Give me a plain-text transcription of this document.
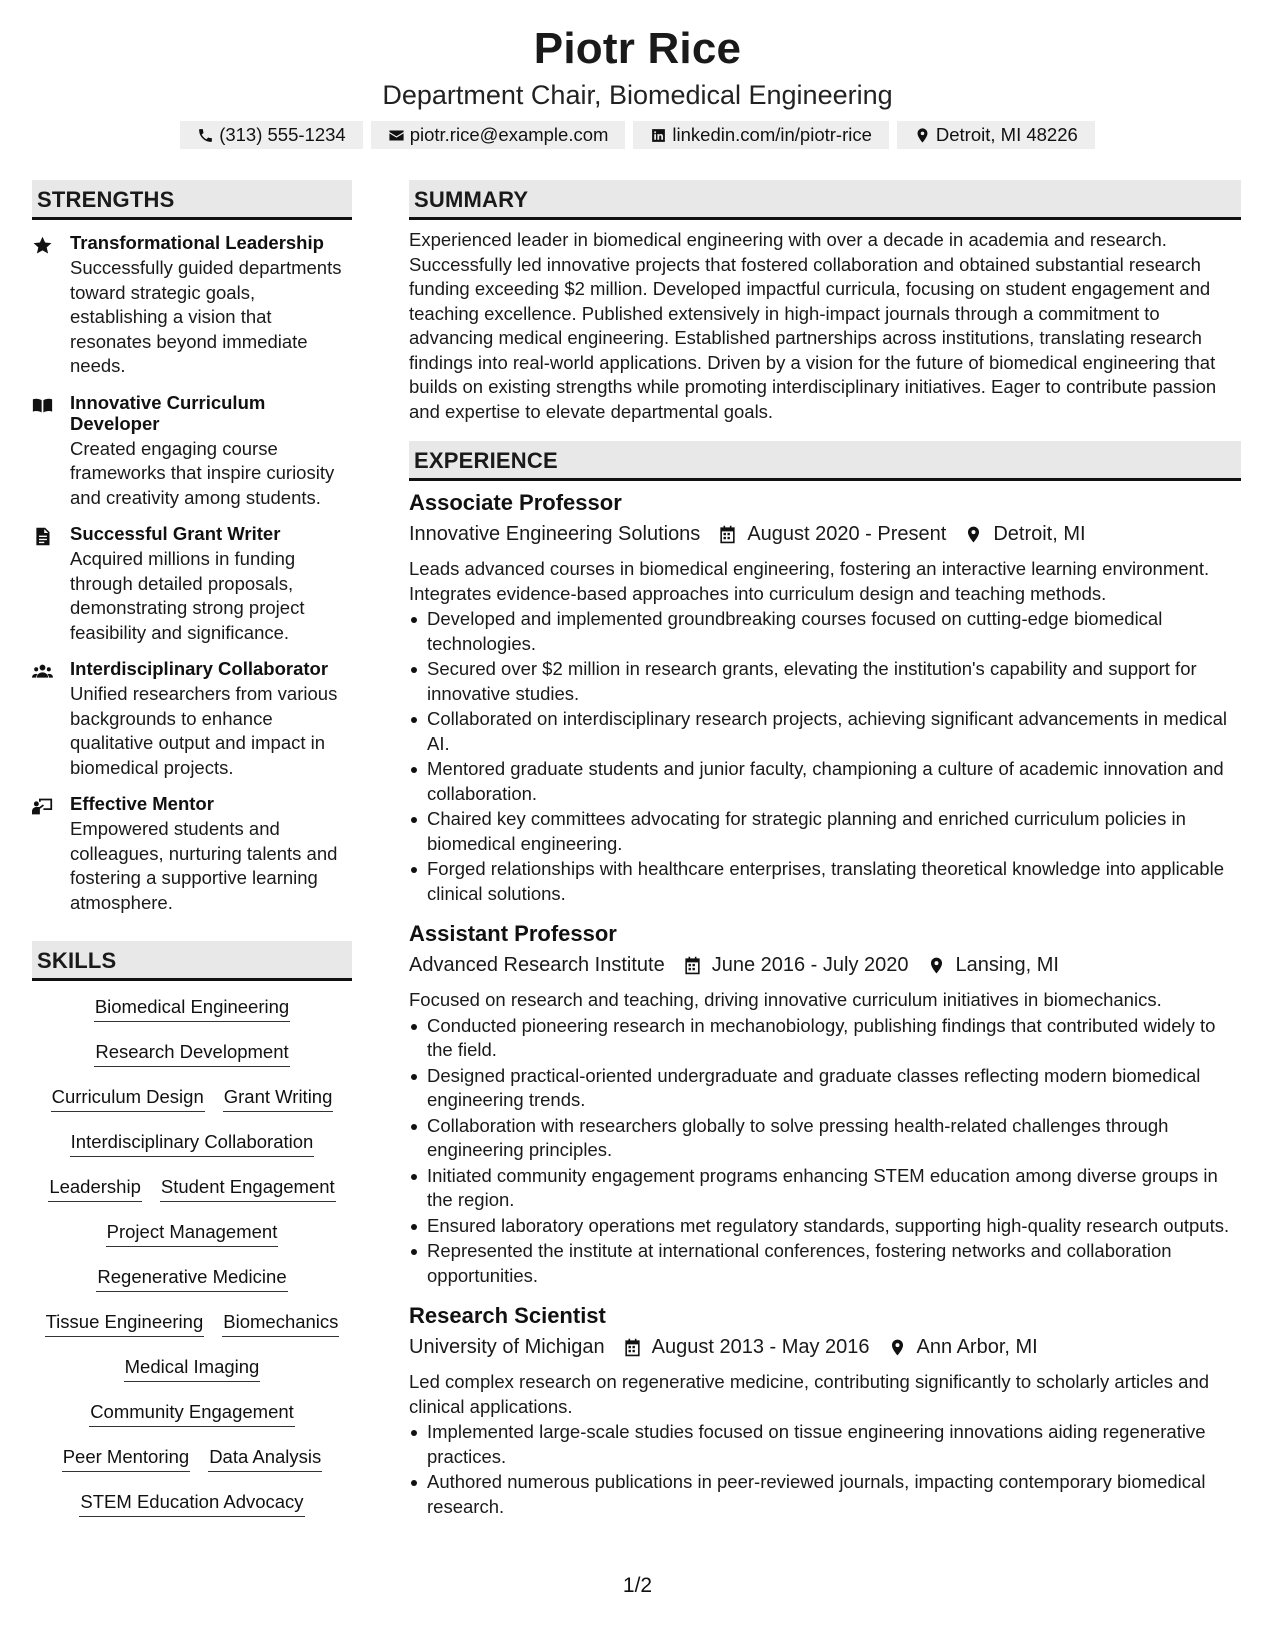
Piotr Rice
Department Chair, Biomedical Engineering
(313) 555-1234	piotr.rice@example.com	linkedin.com/in/piotr-rice	Detroit, MI 48226
STRENGTHS
Transformational Leadership
Successfully guided departments toward strategic goals, establishing a vision that resonates beyond immediate needs.
Innovative Curriculum Developer
Created engaging course frameworks that inspire curiosity and creativity among students.
Successful Grant Writer
Acquired millions in funding through detailed proposals, demonstrating strong project feasibility and significance.
Interdisciplinary Collaborator
Unified researchers from various backgrounds to enhance qualitative output and impact in biomedical projects.
Effective Mentor
Empowered students and colleagues, nurturing talents and fostering a supportive learning atmosphere.
SKILLS
Biomedical Engineering
Research Development
Curriculum Design Grant Writing
Interdisciplinary Collaboration
Leadership Student Engagement
Project Management
Regenerative Medicine
Tissue Engineering Biomechanics
Medical Imaging
Community Engagement
Peer Mentoring Data Analysis
STEM Education Advocacy
SUMMARY
Experienced leader in biomedical engineering with over a decade in academia and research. Successfully led innovative projects that fostered collaboration and obtained substantial research funding exceeding $2 million. Developed impactful curricula, focusing on student engagement and teaching excellence. Published extensively in high-impact journals through a commitment to advancing medical engineering. Established partnerships across institutions, translating research findings into real-world applications. Driven by a vision for the future of biomedical engineering that builds on existing strengths while promoting interdisciplinary initiatives. Eager to contribute passion and expertise to elevate departmental goals.
EXPERIENCE
Associate Professor
Innovative Engineering Solutions August 2020 - Present Detroit, MI
Leads advanced courses in biomedical engineering, fostering an interactive learning environment. Integrates evidence-based approaches into curriculum design and teaching methods.
Developed and implemented groundbreaking courses focused on cutting-edge biomedical technologies.
Secured over $2 million in research grants, elevating the institution's capability and support for innovative studies.
Collaborated on interdisciplinary research projects, achieving significant advancements in medical AI.
Mentored graduate students and junior faculty, championing a culture of academic innovation and collaboration.
Chaired key committees advocating for strategic planning and enriched curriculum policies in biomedical engineering.
Forged relationships with healthcare enterprises, translating theoretical knowledge into applicable clinical solutions.
Assistant Professor
Advanced Research Institute June 2016 - July 2020 Lansing, MI
Focused on research and teaching, driving innovative curriculum initiatives in biomechanics.
Conducted pioneering research in mechanobiology, publishing findings that contributed widely to the field.
Designed practical-oriented undergraduate and graduate classes reflecting modern biomedical engineering trends.
Collaboration with researchers globally to solve pressing health-related challenges through engineering principles.
Initiated community engagement programs enhancing STEM education among diverse groups in the region.
Ensured laboratory operations met regulatory standards, supporting high-quality research outputs.
Represented the institute at international conferences, fostering networks and collaboration opportunities.
Research Scientist
University of Michigan August 2013 - May 2016 Ann Arbor, MI
Led complex research on regenerative medicine, contributing significantly to scholarly articles and clinical applications.
Implemented large-scale studies focused on tissue engineering innovations aiding regenerative practices.
Authored numerous publications in peer-reviewed journals, impacting contemporary biomedical research.
1/2
